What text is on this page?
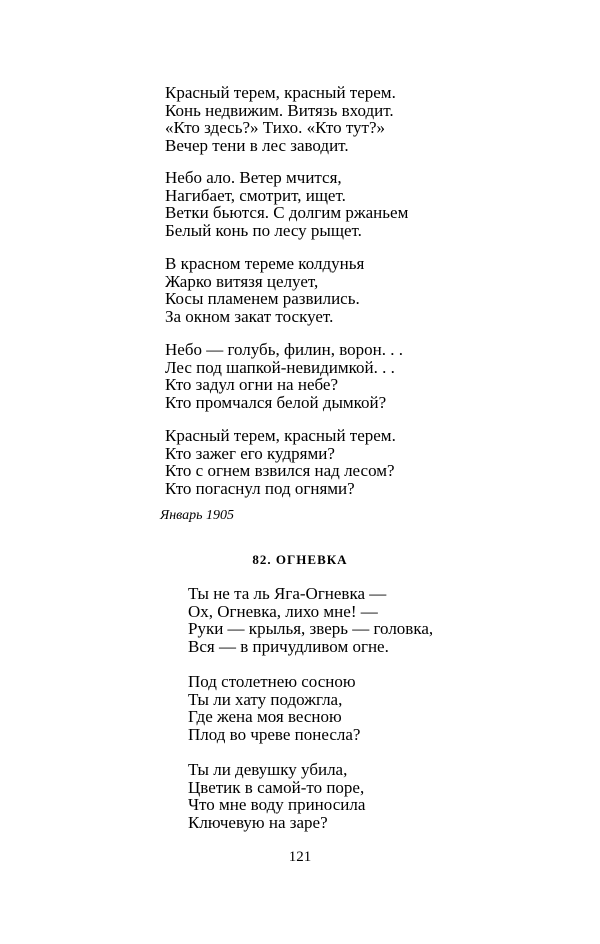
Красный терем, красный терем.
Конь недвижим. Витязь входит.
«Кто здесь?» Тихо. «Кто тут?»
Вечер тени в лес заводит.
Небо ало. Ветер мчится,
Нагибает, смотрит, ищет.
Ветки бьются. С долгим ржаньем
Белый конь по лесу рыщет.
В красном тереме колдунья
Жарко витязя целует,
Косы пламенем развились.
За окном закат тоскует.
Небо — голубь, филин, ворон. . .
Лес под шапкой-невидимкой. . .
Кто задул огни на небе?
Кто промчался белой дымкой?
Красный терем, красный терем.
Кто зажег его кудрями?
Кто с огнем взвился над лесом?
Кто погаснул под огнями?

Январь 1905

82. ОГНЕВКА
Ты не та ль Яга-Огневка —
Ох, Огневка, лихо мне! —
Руки — крылья, зверь — головка,
Вся — в причудливом огне.
Под столетнею сосною
Ты ли хату подожгла,
Где жена моя весною
Плод во чреве понесла?
Ты ли девушку убила,
Цветик в самой-то поре,
Что мне воду приносила
Ключевую на заре?

121
